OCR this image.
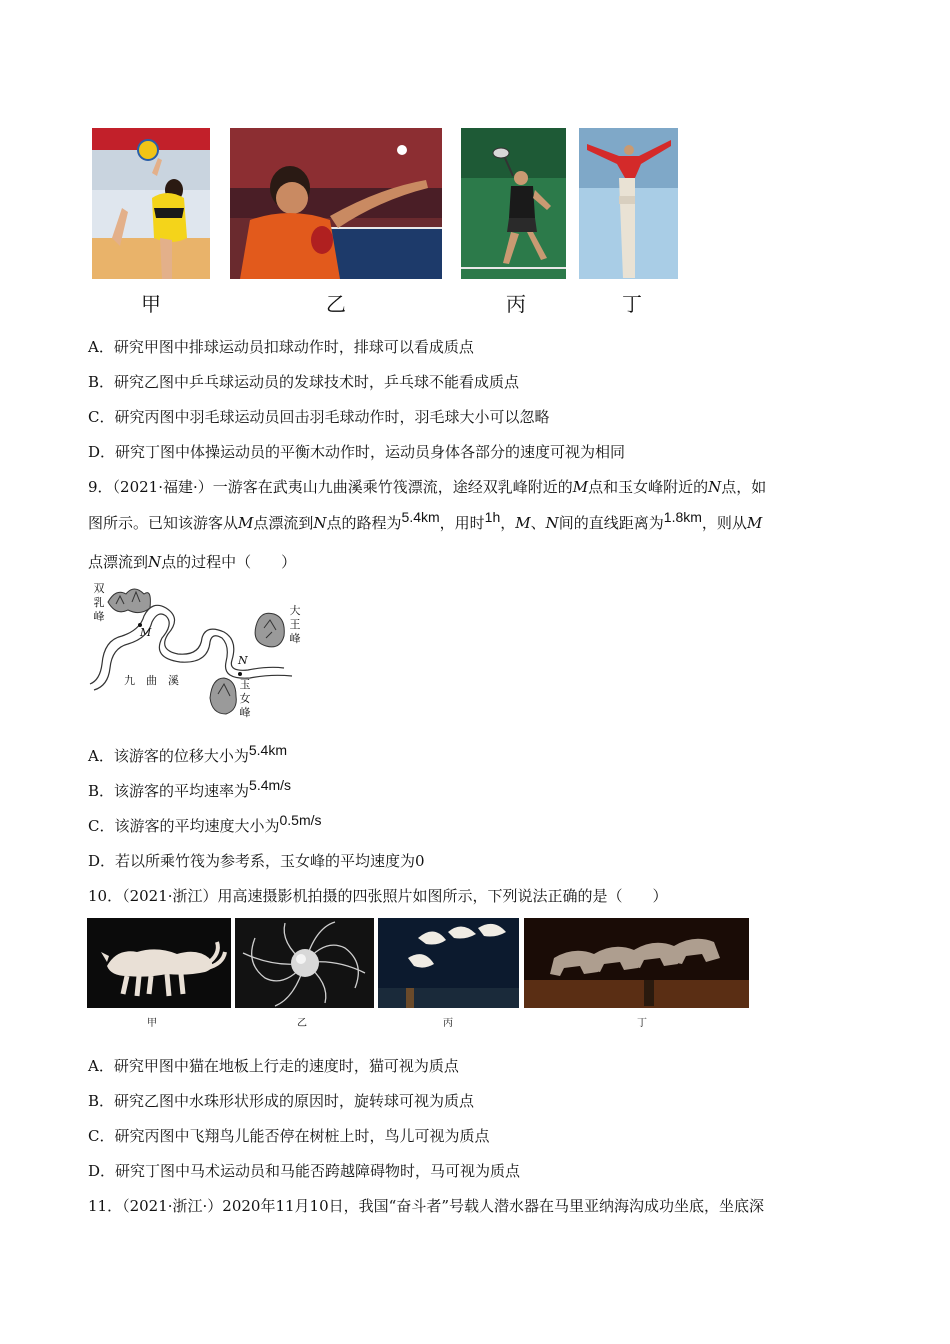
甲	乙	丙	丁
A．研究甲图中排球运动员扣球动作时，排球可以看成质点
B．研究乙图中乒乓球运动员的发球技术时，乒乓球不能看成质点
C．研究丙图中羽毛球运动员回击羽毛球动作时，羽毛球大小可以忽略
D．研究丁图中体操运动员的平衡木动作时，运动员身体各部分的速度可视为相同
9．（2021·福建·）一游客在武夷山九曲溪乘竹筏漂流，途经双乳峰附近的M点和玉女峰附近的N点，如
图所示。已知该游客从M点漂流到N点的路程为5.4km，用时1h，M、N间的直线距离为1.8km，则从M
点漂流到N点的过程中（　　）
双
乳
峰	大
王
峰
玉
女
峰
九　曲　溪
M
N
A．该游客的位移大小为5.4km
B．该游客的平均速率为5.4m/s
C．该游客的平均速度大小为0.5m/s
D．若以所乘竹筏为参考系，玉女峰的平均速度为0
10．（2021·浙江）用高速摄影机拍摄的四张照片如图所示，下列说法正确的是（　　）
甲	乙	丙	丁
A．研究甲图中猫在地板上行走的速度时，猫可视为质点
B．研究乙图中水珠形状形成的原因时，旋转球可视为质点
C．研究丙图中飞翔鸟儿能否停在树桩上时，鸟儿可视为质点
D．研究丁图中马术运动员和马能否跨越障碍物时，马可视为质点
11．（2021·浙江·）2020年11月10日，我国“奋斗者”号载人潜水器在马里亚纳海沟成功坐底，坐底深
